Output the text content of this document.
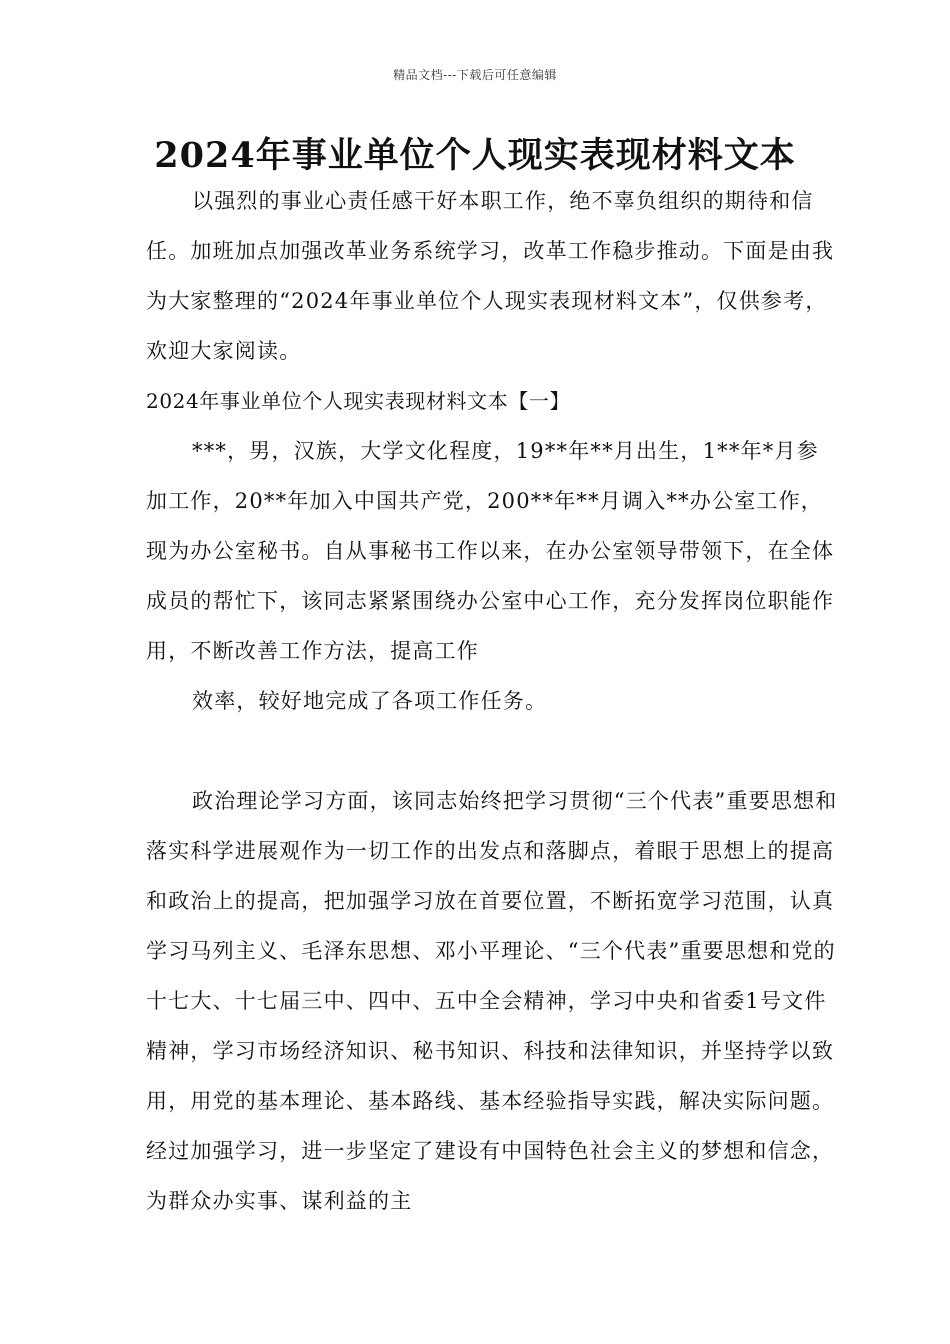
精品文档---下载后可任意编辑
2024年事业单位个人现实表现材料文本

以强烈的事业心责任感干好本职工作，绝不辜负组织的期待和信任。加班加点加强改革业务系统学习，改革工作稳步推动。下面是由我为大家整理的“2024年事业单位个人现实表现材料文本”，仅供参考，欢迎大家阅读。

2024年事业单位个人现实表现材料文本【一】

***，男，汉族，大学文化程度，19**年**月出生，1**年*月参加工作，20**年加入中国共产党，200**年**月调入**办公室工作，现为办公室秘书。自从事秘书工作以来，在办公室领导带领下，在全体成员的帮忙下，该同志紧紧围绕办公室中心工作，充分发挥岗位职能作用，不断改善工作方法，提高工作

效率，较好地完成了各项工作任务。

政治理论学习方面，该同志始终把学习贯彻“三个代表”重要思想和落实科学进展观作为一切工作的出发点和落脚点，着眼于思想上的提高和政治上的提高，把加强学习放在首要位置，不断拓宽学习范围，认真学习马列主义、毛泽东思想、邓小平理论、“三个代表”重要思想和党的十七大、十七届三中、四中、五中全会精神，学习中央和省委1号文件精神，学习市场经济知识、秘书知识、科技和法律知识，并坚持学以致用，用党的基本理论、基本路线、基本经验指导实践，解决实际问题。经过加强学习，进一步坚定了建设有中国特色社会主义的梦想和信念，为群众办实事、谋利益的主
